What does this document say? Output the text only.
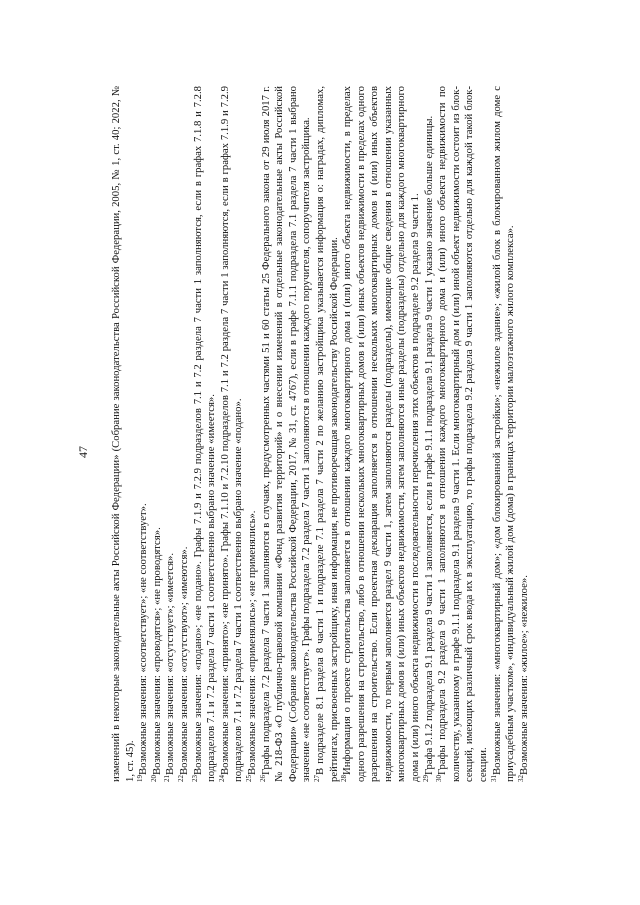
47 изменений в некоторые законодательные акты Российской Федерации» (Собрание законодательства Российской Федерации, 2005, № 1, ст. 40; 2022, № 1, ст. 45). $^{19}$Возможные значения: «соответствует»; «не соответствует».

$^{20}$Возможные значения: «проводятся»; «не проводятся».

$^{21}$Возможные значения: «отсутствует»; «имеется».

$^{22}$Возможные значения: «отсутствуют»; «имеются».

$^{23}$Возможные значения: «подано»; «не подано». Графы 7.1.9 и 7.2.9 подразделов 7.1 и 7.2 раздела 7 части 1 заполняются, если в графах 7.1.8 и 7.2.8 подразделов 7.1 и 7.2 раздела 7 части 1 соответственно выбрано значение «имеется». $^{24}$Возможные значения: «принято»; «не принято». Графы 7.1.10 и 7.2.10 подразделов 7.1 и 7.2 раздела 7 части 1 заполняются, если в графах 7.1.9 и 7.2.9 подразделов 7.1 и 7.2 раздела 7 части 1 соответственно выбрано значение «подано». $^{25}$Возможные значения: «применялись»; «не применялись».

$^{26}$Графы подраздела 7.2 раздела 7 части 1 заполняются в случаях, предусмотренных частями 51 и 60 статьи 25 Федерального закона от 29 июля 2017 г. № 218-ФЗ «О публично-правовой компании «Фонд развития территорий» и о внесении изменений в отдельные законодательные акты Российской Федерации» (Собрание законодательства Российской Федерации, 2017, № 31, ст. 4767), если в графе 7.1.1 подраздела 7.1 раздела 7 части 1 выбрано значение «не соответствует». Графы подраздела 7.2 раздела 7 части 1 заполняются в отношении каждого поручителя, сопоручителя застройщика. $^{27}$В подразделе 8.1 раздела 8 части 1 и подразделе 7.1 раздела 7 части 2 по желанию застройщика указывается информация о: наградах, дипломах, рейтингах, присвоенных застройщику, иная информация, не противоречащая законодательству Российской Федерации. $^{28}$Информация о проекте строительства заполняется в отношении каждого многоквартирного дома и (или) иного объекта недвижимости, в пределах одного разрешения на строительство, либо в отношении нескольких многоквартирных домов и (или) иных объектов недвижимости в пределах одного разрешения на строительство. Если проектная декларация заполняется в отношении нескольких многоквартирных домов и (или) иных объектов недвижимости, то первым заполняется раздел 9 части 1, затем заполняются разделы (подразделы), имеющие общие сведения в отношении указанных многоквартирных домов и (или) иных объектов недвижимости, затем заполняются иные разделы (подразделы) отдельно для каждого многоквартирного дома и (или) иного объекта недвижимости в последовательности перечисления этих объектов в подразделе 9.2 раздела 9 части 1. $^{29}$Графа 9.1.2 подраздела 9.1 раздела 9 части 1 заполняется, если в графе 9.1.1 подраздела 9.1 раздела 9 части 1 указано значение больше единицы.

$^{30}$Графы подраздела 9.2 раздела 9 части 1 заполняются в отношении каждого многоквартирного дома и (или) иного объекта недвижимости по количеству, указанному в графе 9.1.1 подраздела 9.1 раздела 9 части 1. Если многоквартирный дом и (или) иной объект недвижимости состоит из блок-секций, имеющих различный срок ввода их в эксплуатацию, то графы подраздела 9.2 раздела 9 части 1 заполняются отдельно для каждой такой блок-секции. $^{31}$Возможные значения: «многоквартирный дом»; «дом блокированной застройки»; «нежилое здание»; «жилой блок в блокированном жилом доме с приусадебным участком», «индивидуальный жилой дом (дома) в границах территории малоэтажного жилого комплекса». $^{32}$Возможные значения: «жилое»; «нежилое».
